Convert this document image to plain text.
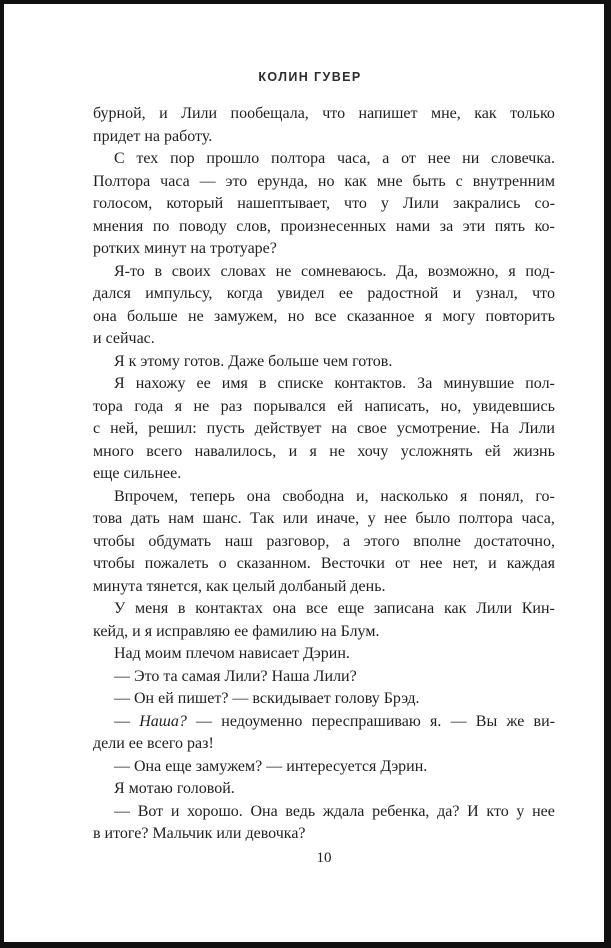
КОЛИН ГУВЕР
бурной, и Лили пообещала, что напишет мне, как только
придет на работу.
С тех пор прошло полтора часа, а от нее ни словечка.
Полтора часа — это ерунда, но как мне быть с внутренним
голосом, который нашептывает, что у Лили закрались со-
мнения по поводу слов, произнесенных нами за эти пять ко-
ротких минут на тротуаре?
Я-то в своих словах не сомневаюсь. Да, возможно, я под-
дался импульсу, когда увидел ее радостной и узнал, что
она больше не замужем, но все сказанное я могу повторить
и сейчас.
Я к этому готов. Даже больше чем готов.
Я нахожу ее имя в списке контактов. За минувшие пол-
тора года я не раз порывался ей написать, но, увидевшись
с ней, решил: пусть действует на свое усмотрение. На Лили
много всего навалилось, и я не хочу усложнять ей жизнь
еще сильнее.
Впрочем, теперь она свободна и, насколько я понял, го-
това дать нам шанс. Так или иначе, у нее было полтора часа,
чтобы обдумать наш разговор, а этого вполне достаточно,
чтобы пожалеть о сказанном. Весточки от нее нет, и каждая
минута тянется, как целый долбаный день.
У меня в контактах она все еще записана как Лили Кин-
кейд, и я исправляю ее фамилию на Блум.
Над моим плечом нависает Дэрин.
— Это та самая Лили? Наша Лили?
— Он ей пишет? — вскидывает голову Брэд.
— Наша? — недоуменно переспрашиваю я. — Вы же ви-
дели ее всего раз!
— Она еще замужем? — интересуется Дэрин.
Я мотаю головой.
— Вот и хорошо. Она ведь ждала ребенка, да? И кто у нее
в итоге? Мальчик или девочка?
10
